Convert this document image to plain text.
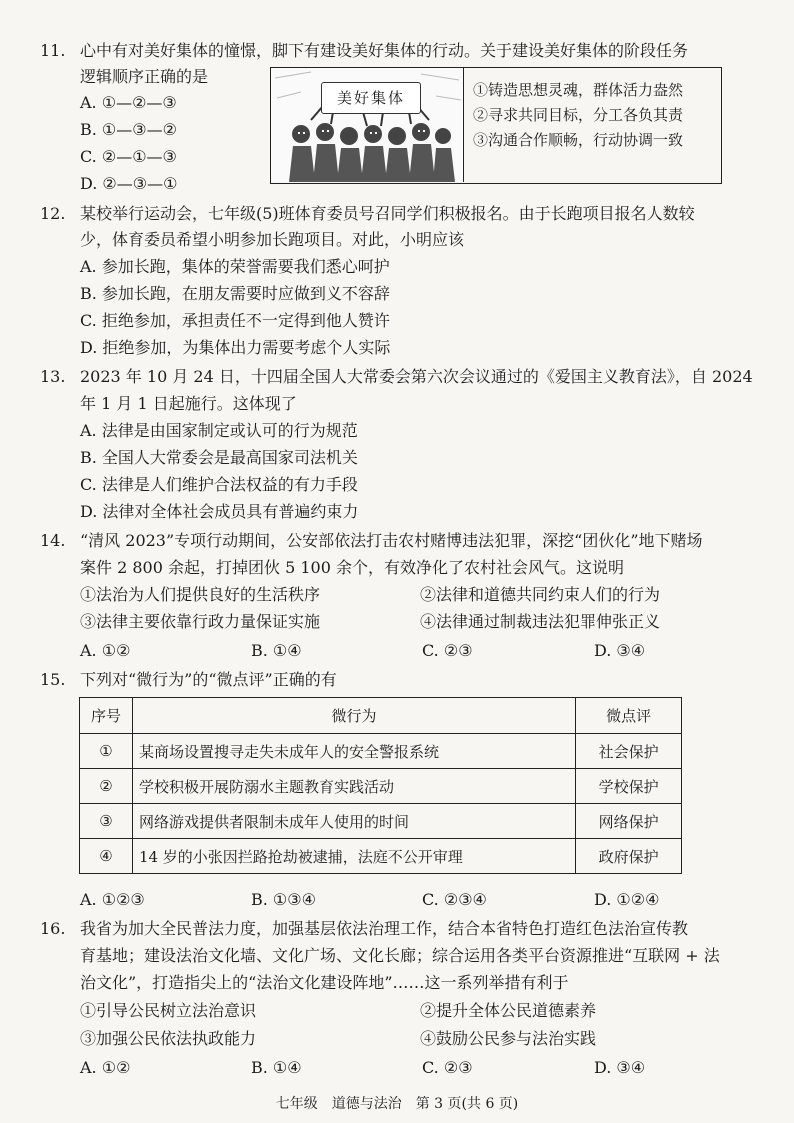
11. 心中有对美好集体的憧憬，脚下有建设美好集体的行动。关于建设美好集体的阶段任务
逻辑顺序正确的是
A. ①—②—③
B. ①—③—②
C. ②—①—③
D. ②—③—①
美好集体	①铸造思想灵魂，群体活力盎然
②寻求共同目标，分工各负其责
③沟通合作顺畅，行动协调一致
12. 某校举行运动会，七年级(5)班体育委员号召同学们积极报名。由于长跑项目报名人数较
少，体育委员希望小明参加长跑项目。对此，小明应该
A. 参加长跑，集体的荣誉需要我们悉心呵护
B. 参加长跑，在朋友需要时应做到义不容辞
C. 拒绝参加，承担责任不一定得到他人赞许
D. 拒绝参加，为集体出力需要考虑个人实际
13. 2023 年 10 月 24 日，十四届全国人大常委会第六次会议通过的《爱国主义教育法》，自 2024
年 1 月 1 日起施行。这体现了
A. 法律是由国家制定或认可的行为规范
B. 全国人大常委会是最高国家司法机关
C. 法律是人们维护合法权益的有力手段
D. 法律对全体社会成员具有普遍约束力
14. “清风 2023”专项行动期间，公安部依法打击农村赌博违法犯罪，深挖“团伙化”地下赌场
案件 2 800 余起，打掉团伙 5 100 余个，有效净化了农村社会风气。这说明
①法治为人们提供良好的生活秩序	②法律和道德共同约束人们的行为
③法律主要依靠行政力量保证实施	④法律通过制裁违法犯罪伸张正义
A. ①②	B. ①④	C. ②③	D. ③④
15. 下列对“微行为”的“微点评”正确的有
序号	微行为	微点评
①	某商场设置搜寻走失未成年人的安全警报系统	社会保护
②	学校积极开展防溺水主题教育实践活动	学校保护
③	网络游戏提供者限制未成年人使用的时间	网络保护
④	14 岁的小张因拦路抢劫被逮捕，法庭不公开审理	政府保护
A. ①②③	B. ①③④	C. ②③④	D. ①②④
16. 我省为加大全民普法力度，加强基层依法治理工作，结合本省特色打造红色法治宣传教
育基地；建设法治文化墙、文化广场、文化长廊；综合运用各类平台资源推进“互联网 + 法
治文化”，打造指尖上的“法治文化建设阵地”……这一系列举措有利于
①引导公民树立法治意识	②提升全体公民道德素养
③加强公民依法执政能力	④鼓励公民参与法治实践
A. ①②	B. ①④	C. ②③	D. ③④
七年级　道德与法治　第 3 页(共 6 页)
